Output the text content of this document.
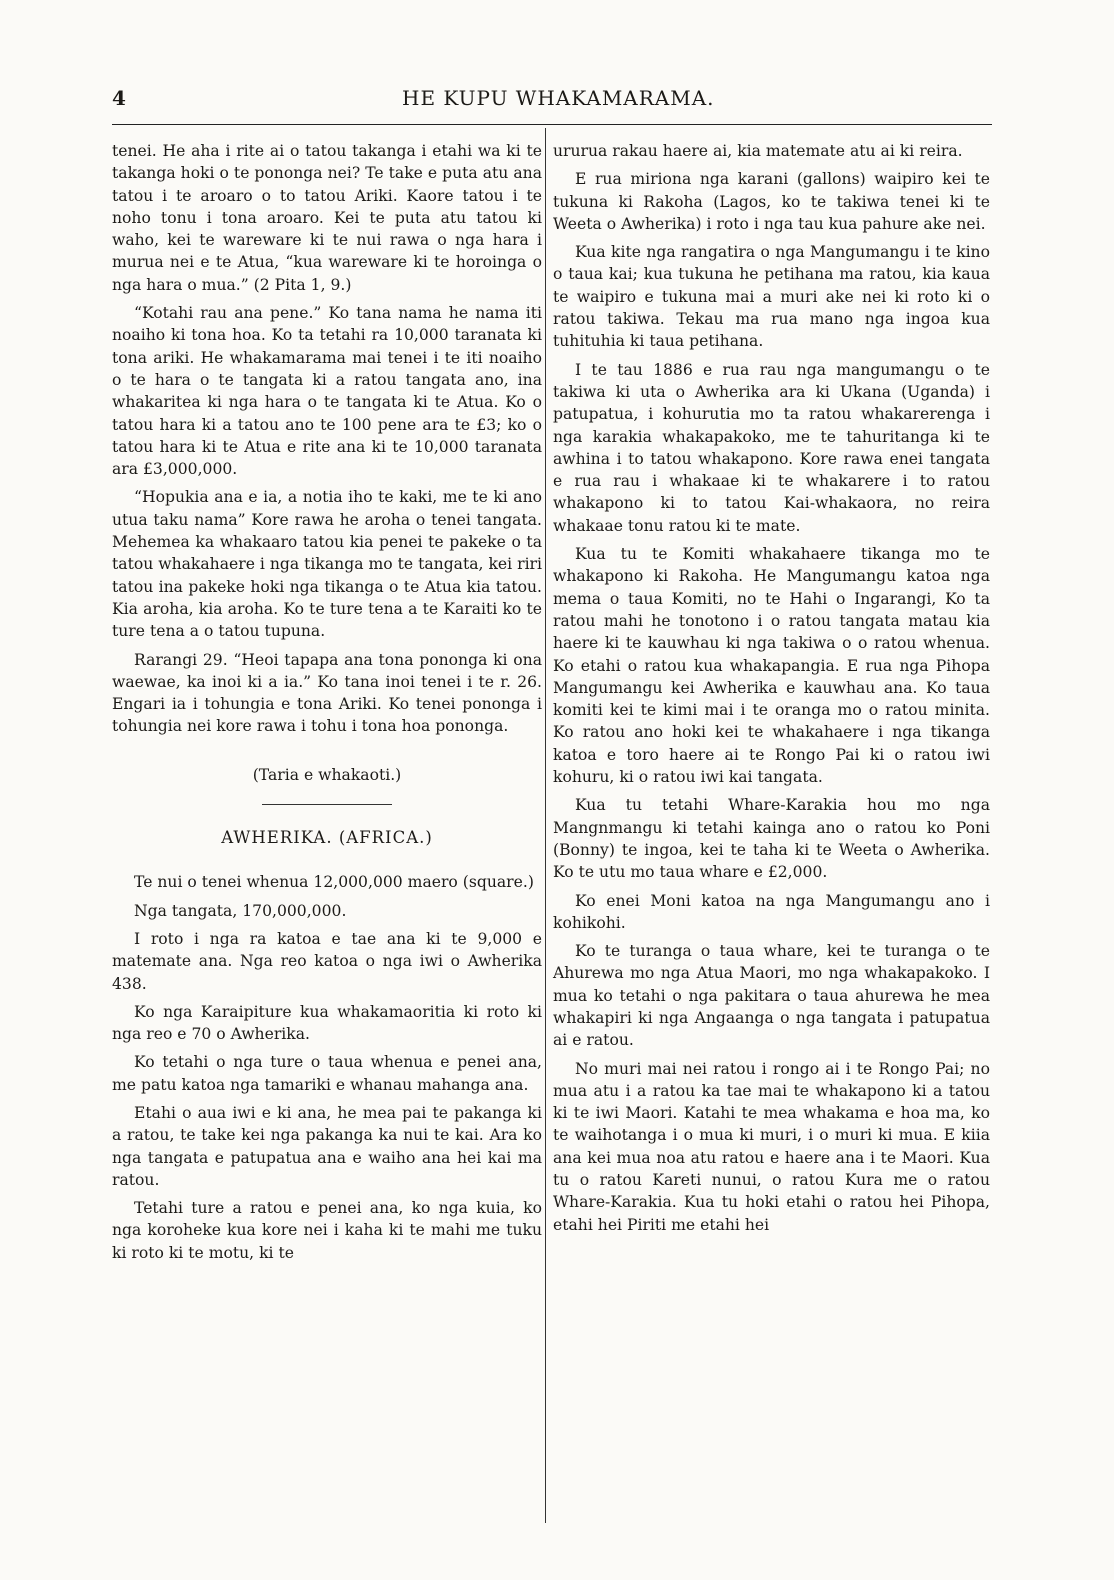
4	HE KUPU WHAKAMARAMA.

tenei. He aha i rite ai o tatou takanga i etahi wa ki te takanga hoki o te pononga nei? Te take e puta atu ana tatou i te aroaro o to tatou Ariki. Kaore tatou i te noho tonu i tona aroaro. Kei te puta atu tatou ki waho, kei te wareware ki te nui rawa o nga hara i murua nei e te Atua, “kua wareware ki te horoinga o nga hara o mua.” (2 Pita 1, 9.)

“Kotahi rau ana pene.” Ko tana nama he nama iti noaiho ki tona hoa. Ko ta tetahi ra 10,000 taranata ki tona ariki. He whakamarama mai tenei i te iti noaiho o te hara o te tangata ki a ratou tangata ano, ina whakaritea ki nga hara o te tangata ki te Atua. Ko o tatou hara ki a tatou ano te 100 pene ara te £3; ko o tatou hara ki te Atua e rite ana ki te 10,000 taranata ara £3,000,000.

“Hopukia ana e ia, a notia iho te kaki, me te ki ano utua taku nama” Kore rawa he aroha o tenei tangata. Mehemea ka whakaaro tatou kia penei te pakeke o ta tatou whakahaere i nga tikanga mo te tangata, kei riri tatou ina pakeke hoki nga tikanga o te Atua kia tatou. Kia aroha, kia aroha. Ko te ture tena a te Karaiti ko te ture tena a o tatou tupuna.

Rarangi 29. “Heoi tapapa ana tona pononga ki ona waewae, ka inoi ki a ia.” Ko tana inoi tenei i te r. 26. Engari ia i tohungia e tona Ariki. Ko tenei pononga i tohungia nei kore rawa i tohu i tona hoa pononga.

(Taria e whakaoti.)

AWHERIKA. (AFRICA.)

Te nui o tenei whenua 12,000,000 maero (square.)

Nga tangata, 170,000,000.

I roto i nga ra katoa e tae ana ki te 9,000 e matemate ana. Nga reo katoa o nga iwi o Awherika 438.

Ko nga Karaipiture kua whakamaoritia ki roto ki nga reo e 70 o Awherika.

Ko tetahi o nga ture o taua whenua e penei ana, me patu katoa nga tamariki e whanau mahanga ana.

Etahi o aua iwi e ki ana, he mea pai te pakanga ki a ratou, te take kei nga pakanga ka nui te kai. Ara ko nga tangata e patupatua ana e waiho ana hei kai ma ratou.

Tetahi ture a ratou e penei ana, ko nga kuia, ko nga koroheke kua kore nei i kaha ki te mahi me tuku ki roto ki te motu, ki te

ururua rakau haere ai, kia matemate atu ai ki reira.

E rua miriona nga karani (gallons) waipiro kei te tukuna ki Rakoha (Lagos, ko te takiwa tenei ki te Weeta o Awherika) i roto i nga tau kua pahure ake nei.

Kua kite nga rangatira o nga Mangumangu i te kino o taua kai; kua tukuna he petihana ma ratou, kia kaua te waipiro e tukuna mai a muri ake nei ki roto ki o ratou takiwa. Tekau ma rua mano nga ingoa kua tuhituhia ki taua petihana.

I te tau 1886 e rua rau nga mangumangu o te takiwa ki uta o Awherika ara ki Ukana (Uganda) i patupatua, i kohurutia mo ta ratou whakarerenga i nga karakia whakapakoko, me te tahuritanga ki te awhina i to tatou whakapono. Kore rawa enei tangata e rua rau i whakaae ki te whakarere i to ratou whakapono ki to tatou Kai-whakaora, no reira whakaae tonu ratou ki te mate.

Kua tu te Komiti whakahaere tikanga mo te whakapono ki Rakoha. He Mangumangu katoa nga mema o taua Komiti, no te Hahi o Ingarangi, Ko ta ratou mahi he tonotono i o ratou tangata matau kia haere ki te kauwhau ki nga takiwa o o ratou whenua. Ko etahi o ratou kua whakapangia. E rua nga Pihopa Mangumangu kei Awherika e kauwhau ana. Ko taua komiti kei te kimi mai i te oranga mo o ratou minita. Ko ratou ano hoki kei te whakahaere i nga tikanga katoa e toro haere ai te Rongo Pai ki o ratou iwi kohuru, ki o ratou iwi kai tangata.

Kua tu tetahi Whare-Karakia hou mo nga Mangnmangu ki tetahi kainga ano o ratou ko Poni (Bonny) te ingoa, kei te taha ki te Weeta o Awherika. Ko te utu mo taua whare e £2,000.

Ko enei Moni katoa na nga Mangumangu ano i kohikohi.

Ko te turanga o taua whare, kei te turanga o te Ahurewa mo nga Atua Maori, mo nga whakapakoko. I mua ko tetahi o nga pakitara o taua ahurewa he mea whakapiri ki nga Angaanga o nga tangata i patupatua ai e ratou.

No muri mai nei ratou i rongo ai i te Rongo Pai; no mua atu i a ratou ka tae mai te whakapono ki a tatou ki te iwi Maori. Katahi te mea whakama e hoa ma, ko te waihotanga i o mua ki muri, i o muri ki mua. E kiia ana kei mua noa atu ratou e haere ana i te Maori. Kua tu o ratou Kareti nunui, o ratou Kura me o ratou Whare-Karakia. Kua tu hoki etahi o ratou hei Pihopa, etahi hei Piriti me etahi hei
